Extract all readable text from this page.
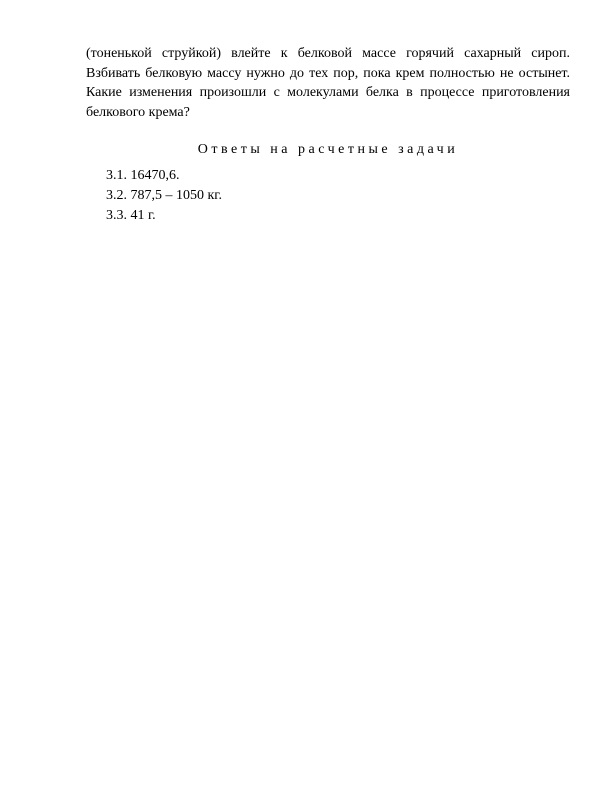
(тоненькой струйкой) влейте к белковой массе горячий сахарный сироп.
Взбивать белковую массу нужно до тех пор, пока крем полностью не остынет.
Какие изменения произошли с молекулами белка в процессе приготовления
белкового крема?

Ответы на расчетные задачи
3.1. 16470,6.
3.2. 787,5 – 1050 кг.
3.3. 41 г.
